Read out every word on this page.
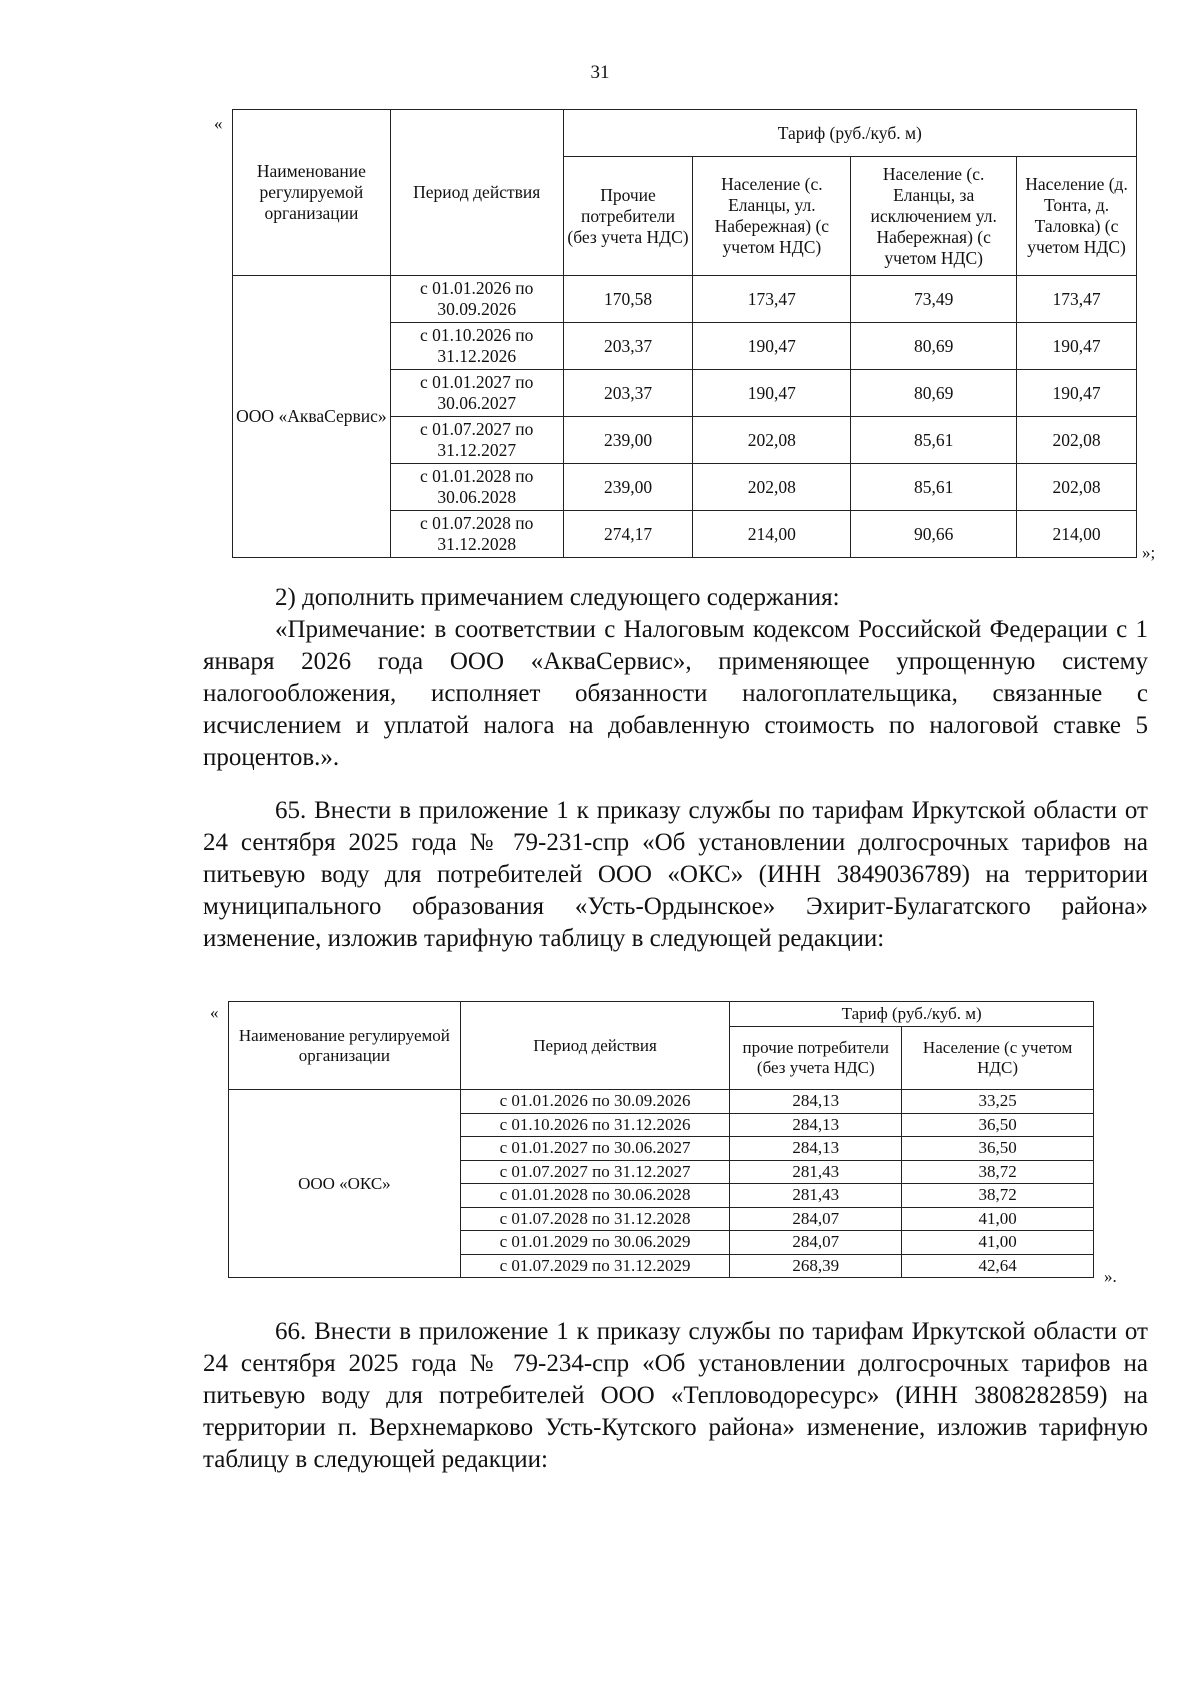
31
«
Наименование регулируемой организации	Период действия	Тариф (руб./куб. м)			
		Прочие потребители (без учета НДС)	Население (с. Еланцы, ул. Набережная) (с учетом НДС)	Население (с. Еланцы, за исключением ул. Набережная) (с учетом НДС)	Население (д. Тонта, д. Таловка) (с учетом НДС)
ООО «АкваСервис»	с 01.01.2026 по 30.09.2026	170,58	173,47	73,49	173,47
	с 01.10.2026 по 31.12.2026	203,37	190,47	80,69	190,47
	с 01.01.2027 по 30.06.2027	203,37	190,47	80,69	190,47
	с 01.07.2027 по 31.12.2027	239,00	202,08	85,61	202,08
	с 01.01.2028 по 30.06.2028	239,00	202,08	85,61	202,08
	с 01.07.2028 по 31.12.2028	274,17	214,00	90,66	214,00
»;

2) дополнить примечанием следующего содержания:

«Примечание: в соответствии с Налоговым кодексом Российской Федерации с 1 января 2026 года ООО «АкваСервис», применяющее упрощенную систему налогообложения, исполняет обязанности налогоплательщика, связанные с исчислением и уплатой налога на добавленную стоимость по налоговой ставке 5 процентов.».

65. Внести в приложение 1 к приказу службы по тарифам Иркутской области от 24 сентября 2025 года № 79-231-спр «Об установлении долгосрочных тарифов на питьевую воду для потребителей ООО «ОКС» (ИНН 3849036789) на территории муниципального образования «Усть-Ордынское» Эхирит-Булагатского района» изменение, изложив тарифную таблицу в следующей редакции:

«
Наименование регулируемой организации	Период действия	Тариф (руб./куб. м)	
		прочие потребители (без учета НДС)	Население (с учетом НДС)
ООО «ОКС»	с 01.01.2026 по 30.09.2026	284,13	33,25
	с 01.10.2026 по 31.12.2026	284,13	36,50
	с 01.01.2027 по 30.06.2027	284,13	36,50
	с 01.07.2027 по 31.12.2027	281,43	38,72
	с 01.01.2028 по 30.06.2028	281,43	38,72
	с 01.07.2028 по 31.12.2028	284,07	41,00
	с 01.01.2029 по 30.06.2029	284,07	41,00
	с 01.07.2029 по 31.12.2029	268,39	42,64
».

66. Внести в приложение 1 к приказу службы по тарифам Иркутской области от 24 сентября 2025 года № 79-234-спр «Об установлении долгосрочных тарифов на питьевую воду для потребителей ООО «Тепловодоресурс» (ИНН 3808282859) на территории п. Верхнемарково Усть-Кутского района» изменение, изложив тарифную таблицу в следующей редакции:
